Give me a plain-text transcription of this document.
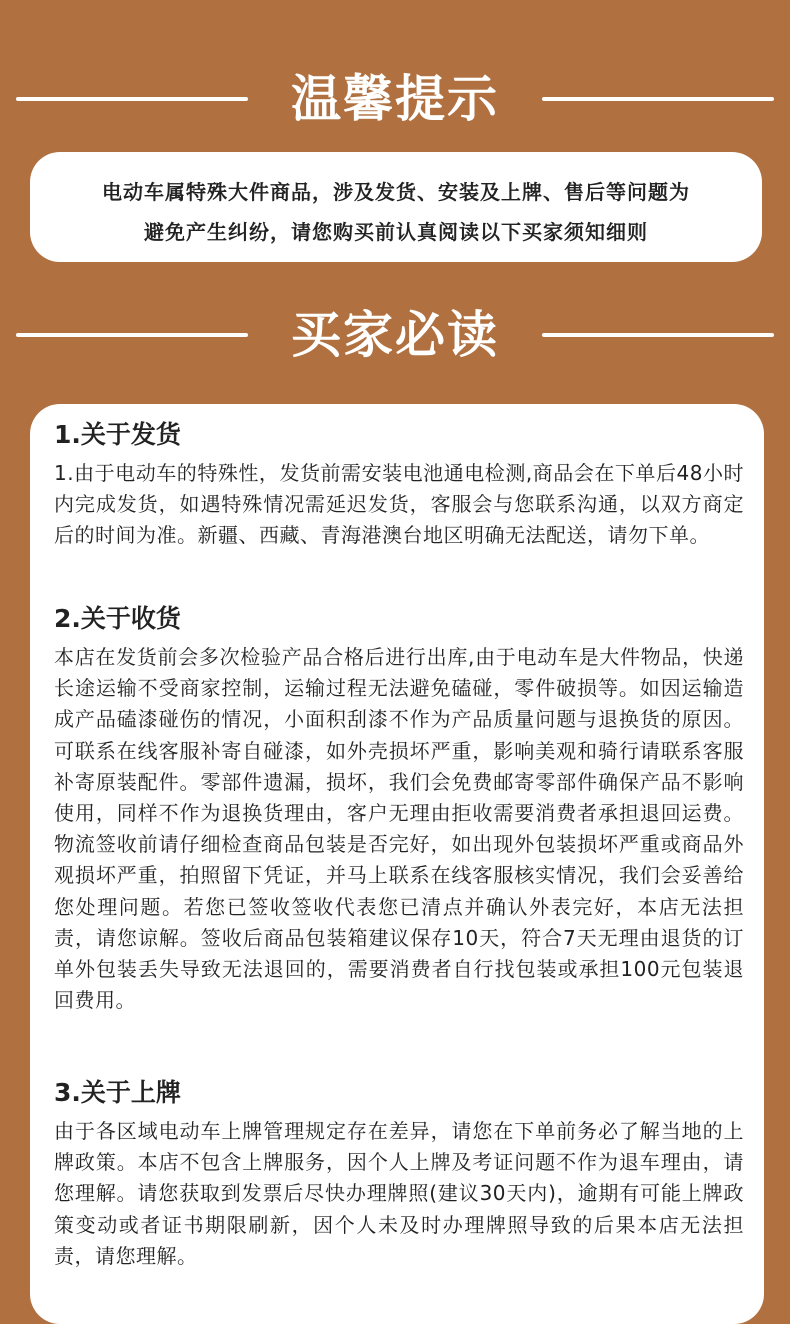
温馨提示

电动车属特殊大件商品，涉及发货、安装及上牌、售后等问题为

避免产生纠纷，请您购买前认真阅读以下买家须知细则

买家必读
1.关于发货

1.由于电动车的特殊性，发货前需安装电池通电检测,商品会在下单后48小时内完成发货，如遇特殊情况需延迟发货，客服会与您联系沟通，以双方商定后的时间为准。新疆、西藏、青海港澳台地区明确无法配送，请勿下单。

2.关于收货

本店在发货前会多次检验产品合格后进行出库,由于电动车是大件物品，快递长途运输不受商家控制，运输过程无法避免磕碰，零件破损等。如因运输造成产品磕漆碰伤的情况，小面积刮漆不作为产品质量问题与退换货的原因。可联系在线客服补寄自碰漆，如外壳损坏严重，影响美观和骑行请联系客服补寄原装配件。零部件遗漏，损坏，我们会免费邮寄零部件确保产品不影响使用，同样不作为退换货理由，客户无理由拒收需要消费者承担退回运费。物流签收前请仔细检查商品包装是否完好，如出现外包装损坏严重或商品外观损坏严重，拍照留下凭证，并马上联系在线客服核实情况，我们会妥善给您处理问题。若您已签收签收代表您已清点并确认外表完好，本店无法担责，请您谅解。签收后商品包装箱建议保存10天，符合7天无理由退货的订单外包装丢失导致无法退回的，需要消费者自行找包装或承担100元包装退回费用。

3.关于上牌

由于各区域电动车上牌管理规定存在差异，请您在下单前务必了解当地的上牌政策。本店不包含上牌服务，因个人上牌及考证问题不作为退车理由，请您理解。请您获取到发票后尽快办理牌照(建议30天内)，逾期有可能上牌政策变动或者证书期限刷新，因个人未及时办理牌照导致的后果本店无法担责，请您理解。
